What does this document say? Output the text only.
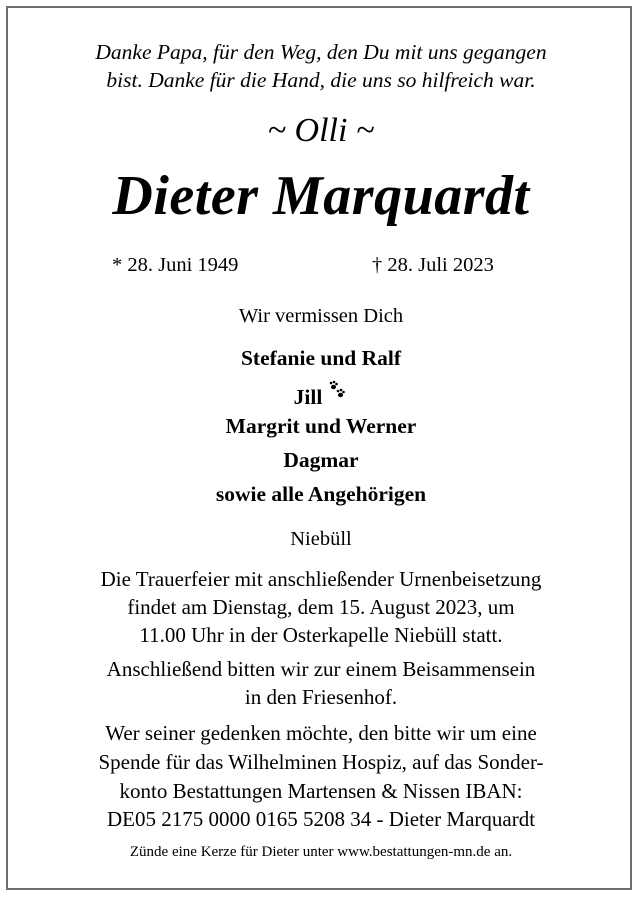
Danke Papa, für den Weg, den Du mit uns gegangen
bist. Danke für die Hand, die uns so hilfreich war.
~ Olli ~
Dieter Marquardt
* 28. Juni 1949	† 28. Juli 2023
Wir vermissen Dich
Stefanie und Ralf
Jill
Margrit und Werner
Dagmar
sowie alle Angehörigen
Niebüll
Die Trauerfeier mit anschließender Urnenbeisetzung
findet am Dienstag, dem 15. August 2023, um
11.00 Uhr in der Osterkapelle Niebüll statt.
Anschließend bitten wir zur einem Beisammensein
in den Friesenhof.
Wer seiner gedenken möchte, den bitte wir um eine
Spende für das Wilhelminen Hospiz, auf das Sonder-
konto Bestattungen Martensen & Nissen IBAN:
DE05 2175 0000 0165 5208 34 - Dieter Marquardt
Zünde eine Kerze für Dieter unter www.bestattungen-mn.de an.
